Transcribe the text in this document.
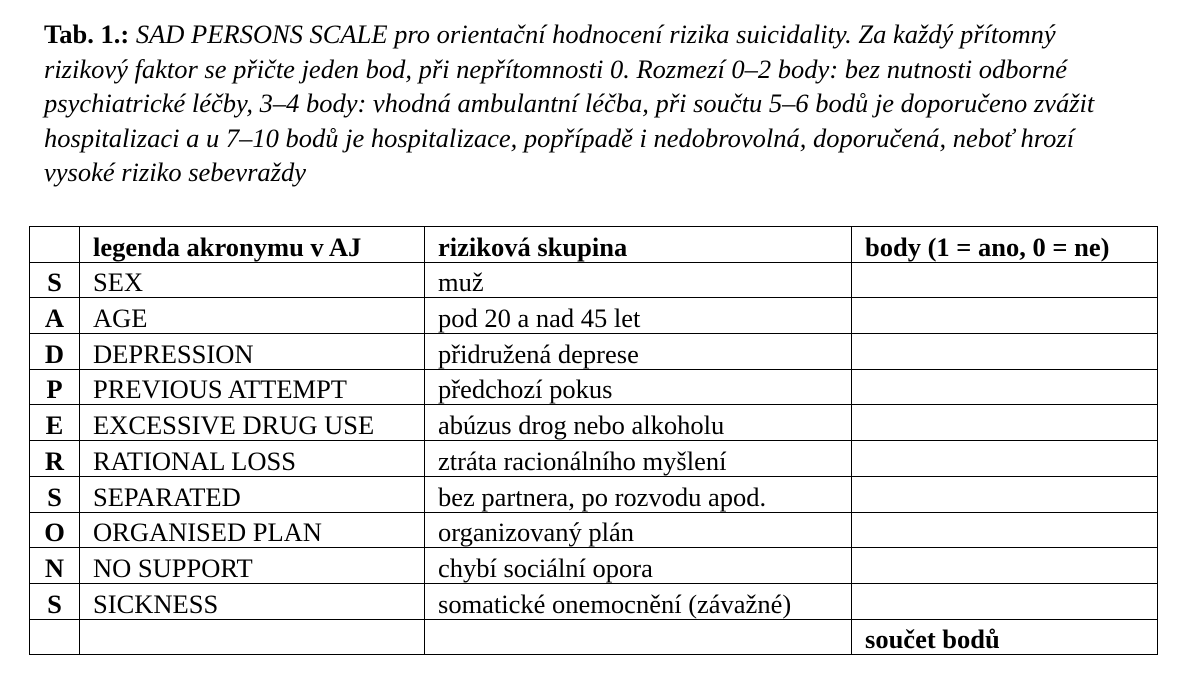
Tab. 1.: SAD PERSONS SCALE pro orientační hodnocení rizika suicidality. Za každý přítomný rizikový faktor se přičte jeden bod, při nepřítomnosti 0. Rozmezí 0–2 body: bez nutnosti odborné psychiatrické léčby, 3–4 body: vhodná ambulantní léčba, při součtu 5–6 bodů je doporučeno zvážit hospitalizaci a u 7–10 bodů je hospitalizace, popřípadě i nedobrovolná, doporučená, neboť hrozí vysoké riziko sebevraždy
	legenda akronymu v AJ	riziková skupina	body (1 = ano, 0 = ne)
S	SEX	muž	
A	AGE	pod 20 a nad 45 let	
D	DEPRESSION	přidružená deprese	
P	PREVIOUS ATTEMPT	předchozí pokus	
E	EXCESSIVE DRUG USE	abúzus drog nebo alkoholu	
R	RATIONAL LOSS	ztráta racionálního myšlení	
S	SEPARATED	bez partnera, po rozvodu apod.	
O	ORGANISED PLAN	organizovaný plán	
N	NO SUPPORT	chybí sociální opora	
S	SICKNESS	somatické onemocnění (závažné)	
			součet bodů
